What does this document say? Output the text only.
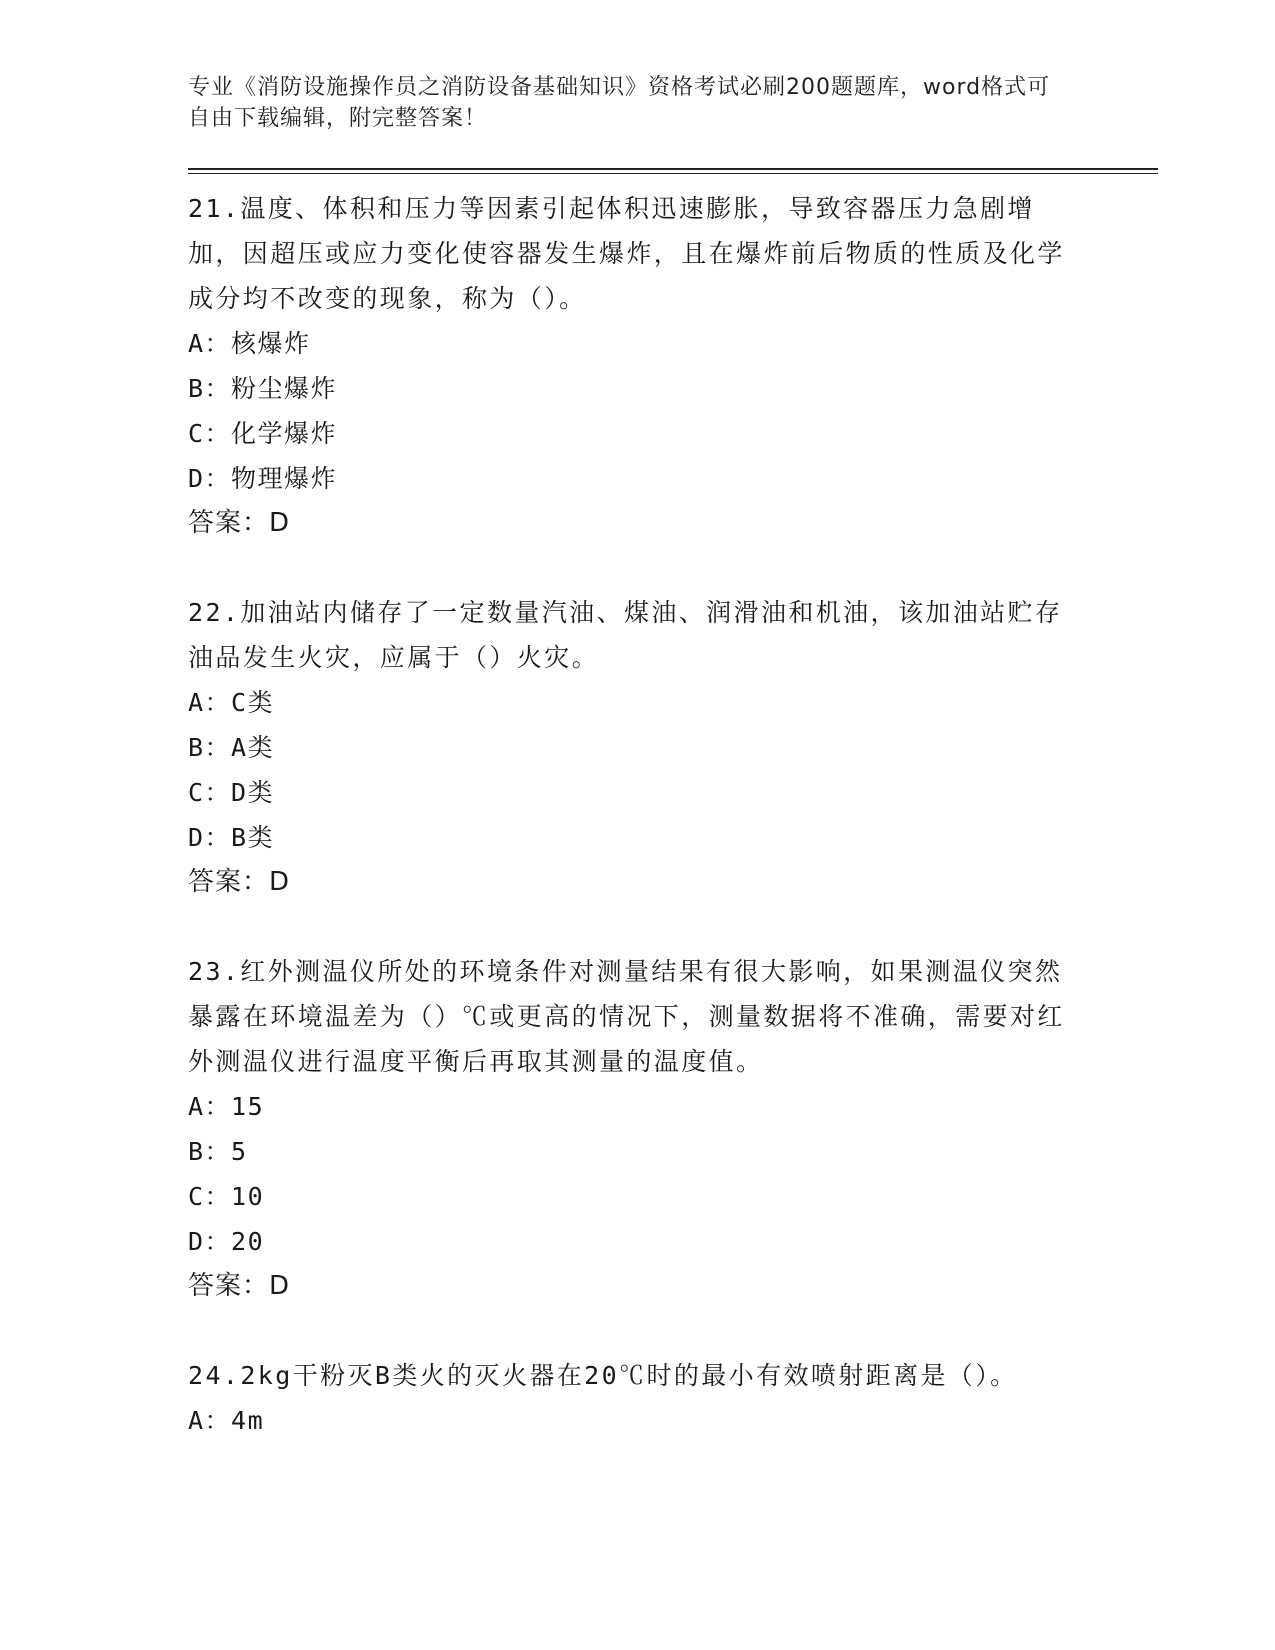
专业《消防设施操作员之消防设备基础知识》资格考试必刷200题题库，word格式可自由下载编辑，附完整答案！
21.温度、体积和压力等因素引起体积迅速膨胀，导致容器压力急剧增加，因超压或应力变化使容器发生爆炸，且在爆炸前后物质的性质及化学成分均不改变的现象，称为（）。
A：核爆炸
B：粉尘爆炸
C：化学爆炸
D：物理爆炸
答案：D
22.加油站内储存了一定数量汽油、煤油、润滑油和机油，该加油站贮存油品发生火灾，应属于（）火灾。
A：C类
B：A类
C：D类
D：B类
答案：D
23.红外测温仪所处的环境条件对测量结果有很大影响，如果测温仪突然暴露在环境温差为（）℃或更高的情况下，测量数据将不准确，需要对红外测温仪进行温度平衡后再取其测量的温度值。
A：15
B：5
C：10
D：20
答案：D
24.2kg干粉灭B类火的灭火器在20℃时的最小有效喷射距离是（）。
A：4m
